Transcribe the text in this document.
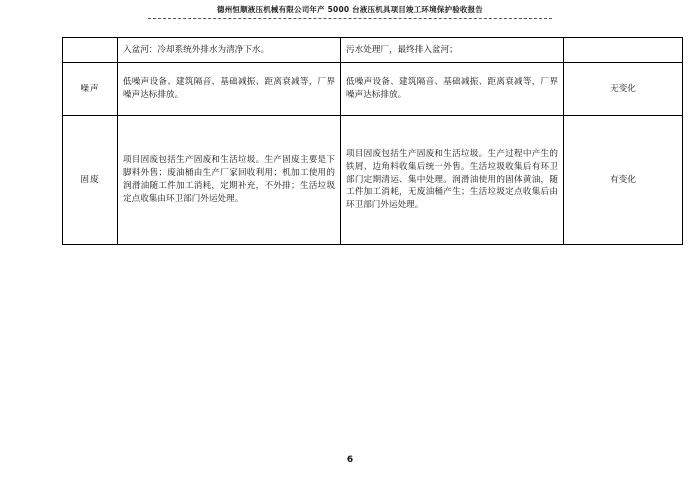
德州恒顺液压机械有限公司年产 5000 台液压机具项目竣工环境保护验收报告

	入盆河：冷却系统外排水为清净下水。	污水处理厂，最终排入盆河；	

噪声	低噪声设备、建筑隔音、基础减振、距离衰减等，厂界噪声达标排放。	低噪声设备、建筑隔音、基础减振、距离衰减等，厂界噪声达标排放。	无变化
固废	项目固废包括生产固废和生活垃圾。生产固废主要是下脚料外售；废油桶由生产厂家回收利用；机加工使用的润滑油随工件加工消耗，定期补充，不外排；生活垃圾定点收集由环卫部门外运处理。	项目固废包括生产固废和生活垃圾。生产过程中产生的铁屑、边角料收集后统一外售。生活垃圾收集后有环卫部门定期清运、集中处理。润滑油使用的固体黄油，随工件加工消耗，无废油桶产生；生活垃圾定点收集后由环卫部门外运处理。	有变化
6
